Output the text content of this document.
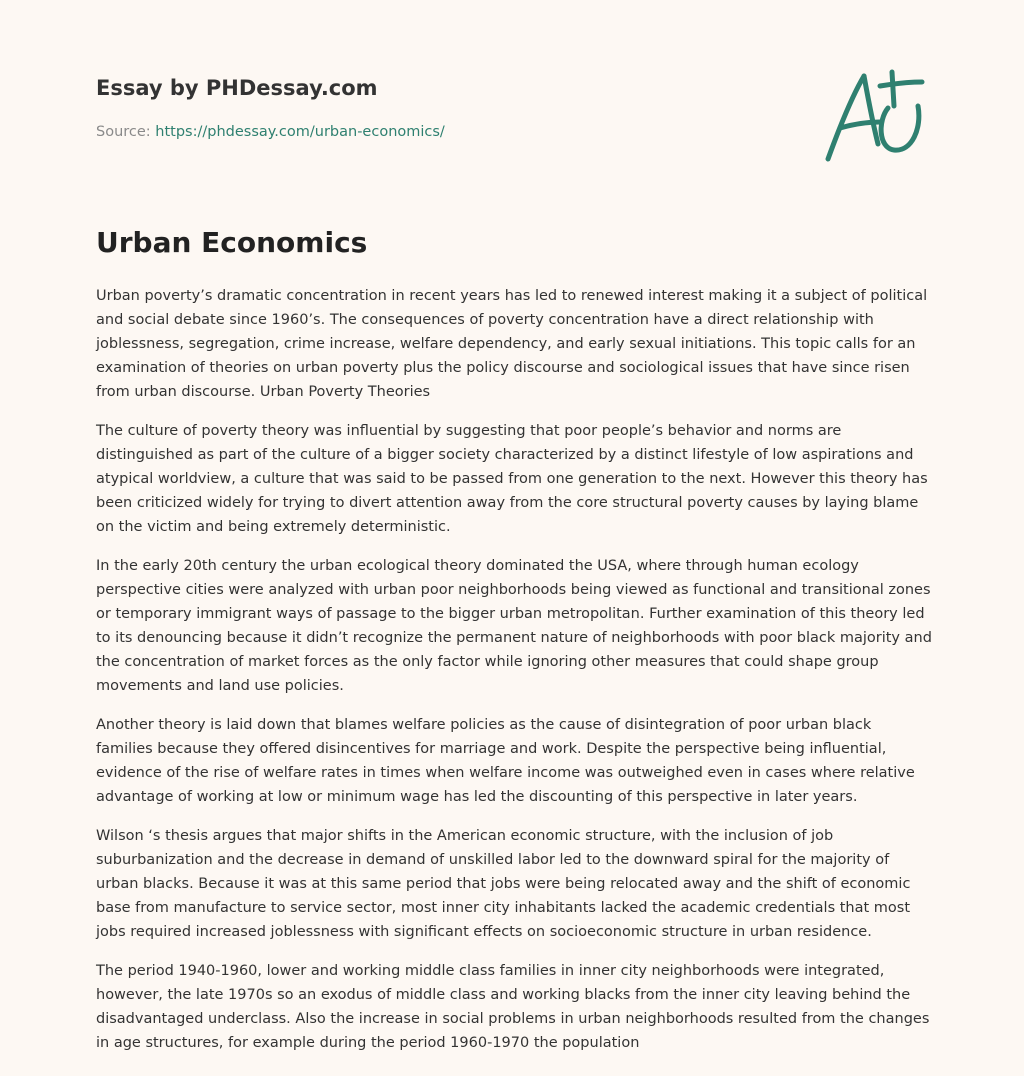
Essay by PHDessay.com
Source: https://phdessay.com/urban-economics/
Urban Economics

Urban poverty’s dramatic concentration in recent years has led to renewed interest making it a subject of political and social debate since 1960’s. The consequences of poverty concentration have a direct relationship with joblessness, segregation, crime increase, welfare dependency, and early sexual initiations. This topic calls for an examination of theories on urban poverty plus the policy discourse and sociological issues that have since risen from urban discourse. Urban Poverty Theories

The culture of poverty theory was influential by suggesting that poor people’s behavior and norms are distinguished as part of the culture of a bigger society characterized by a distinct lifestyle of low aspirations and atypical worldview, a culture that was said to be passed from one generation to the next. However this theory has been criticized widely for trying to divert attention away from the core structural poverty causes by laying blame on the victim and being extremely deterministic.

In the early 20th century the urban ecological theory dominated the USA, where through human ecology perspective cities were analyzed with urban poor neighborhoods being viewed as functional and transitional zones or temporary immigrant ways of passage to the bigger urban metropolitan. Further examination of this theory led to its denouncing because it didn’t recognize the permanent nature of neighborhoods with poor black majority and the concentration of market forces as the only factor while ignoring other measures that could shape group movements and land use policies.

Another theory is laid down that blames welfare policies as the cause of disintegration of poor urban black families because they offered disincentives for marriage and work. Despite the perspective being influential, evidence of the rise of welfare rates in times when welfare income was outweighed even in cases where relative advantage of working at low or minimum wage has led the discounting of this perspective in later years.

Wilson ‘s thesis argues that major shifts in the American economic structure, with the inclusion of job suburbanization and the decrease in demand of unskilled labor led to the downward spiral for the majority of urban blacks. Because it was at this same period that jobs were being relocated away and the shift of economic base from manufacture to service sector, most inner city inhabitants lacked the academic credentials that most jobs required increased joblessness with significant effects on socioeconomic structure in urban residence.

The period 1940-1960, lower and working middle class families in inner city neighborhoods were integrated, however, the late 1970s so an exodus of middle class and working blacks from the inner city leaving behind the disadvantaged underclass. Also the increase in social problems in urban neighborhoods resulted from the changes in age structures, for example during the period 1960-1970 the population
